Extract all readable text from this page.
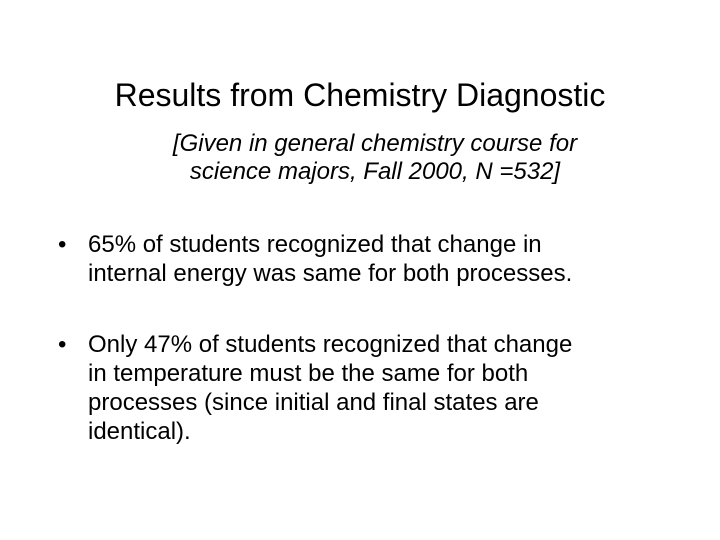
Results from Chemistry Diagnostic
[Given in general chemistry course for
science majors, Fall 2000, N =532]
• 65% of students recognized that change in
internal energy was same for both processes.
• Only 47% of students recognized that change
in temperature must be the same for both
processes (since initial and final states are
identical).
